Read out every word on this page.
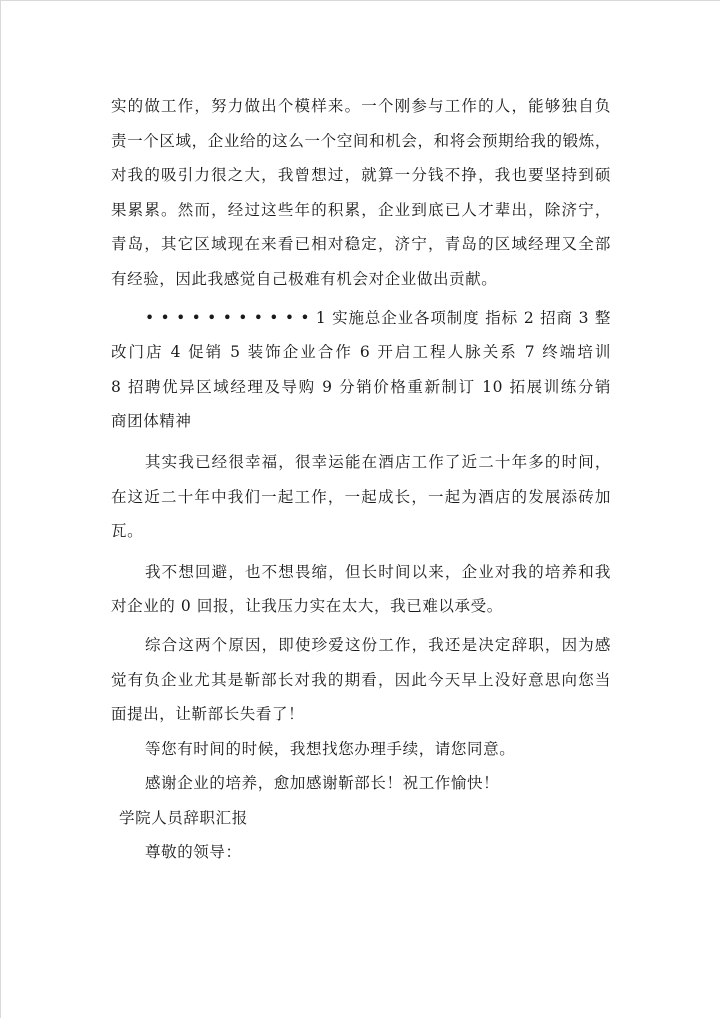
实的做工作，努力做出个模样来。一个刚参与工作的人，能够独自负
责一个区域，企业给的这么一个空间和机会，和将会预期给我的锻炼，
对我的吸引力很之大，我曾想过，就算一分钱不挣，我也要坚持到硕
果累累。然而，经过这些年的积累，企业到底已人才辈出，除济宁，
青岛，其它区域现在来看已相对稳定，济宁，青岛的区域经理又全部
有经验，因此我感觉自己极难有机会对企业做出贡献。
• • • • • • • • • • • 1 实施总企业各项制度 指标 2 招商 3 整
改门店 4 促销 5 装饰企业合作 6 开启工程人脉关系 7 终端培训
8 招聘优异区域经理及导购 9 分销价格重新制订 10 拓展训练分销
商团体精神
其实我已经很幸福，很幸运能在酒店工作了近二十年多的时间，
在这近二十年中我们一起工作，一起成长，一起为酒店的发展添砖加
瓦。
我不想回避，也不想畏缩，但长时间以来，企业对我的培养和我
对企业的 0 回报，让我压力实在太大，我已难以承受。
综合这两个原因，即使珍爱这份工作，我还是决定辞职，因为感
觉有负企业尤其是靳部长对我的期看，因此今天早上没好意思向您当
面提出，让靳部长失看了！
等您有时间的时候，我想找您办理手续，请您同意。
感谢企业的培养，愈加感谢靳部长！祝工作愉快！
学院人员辞职汇报
尊敬的领导：
